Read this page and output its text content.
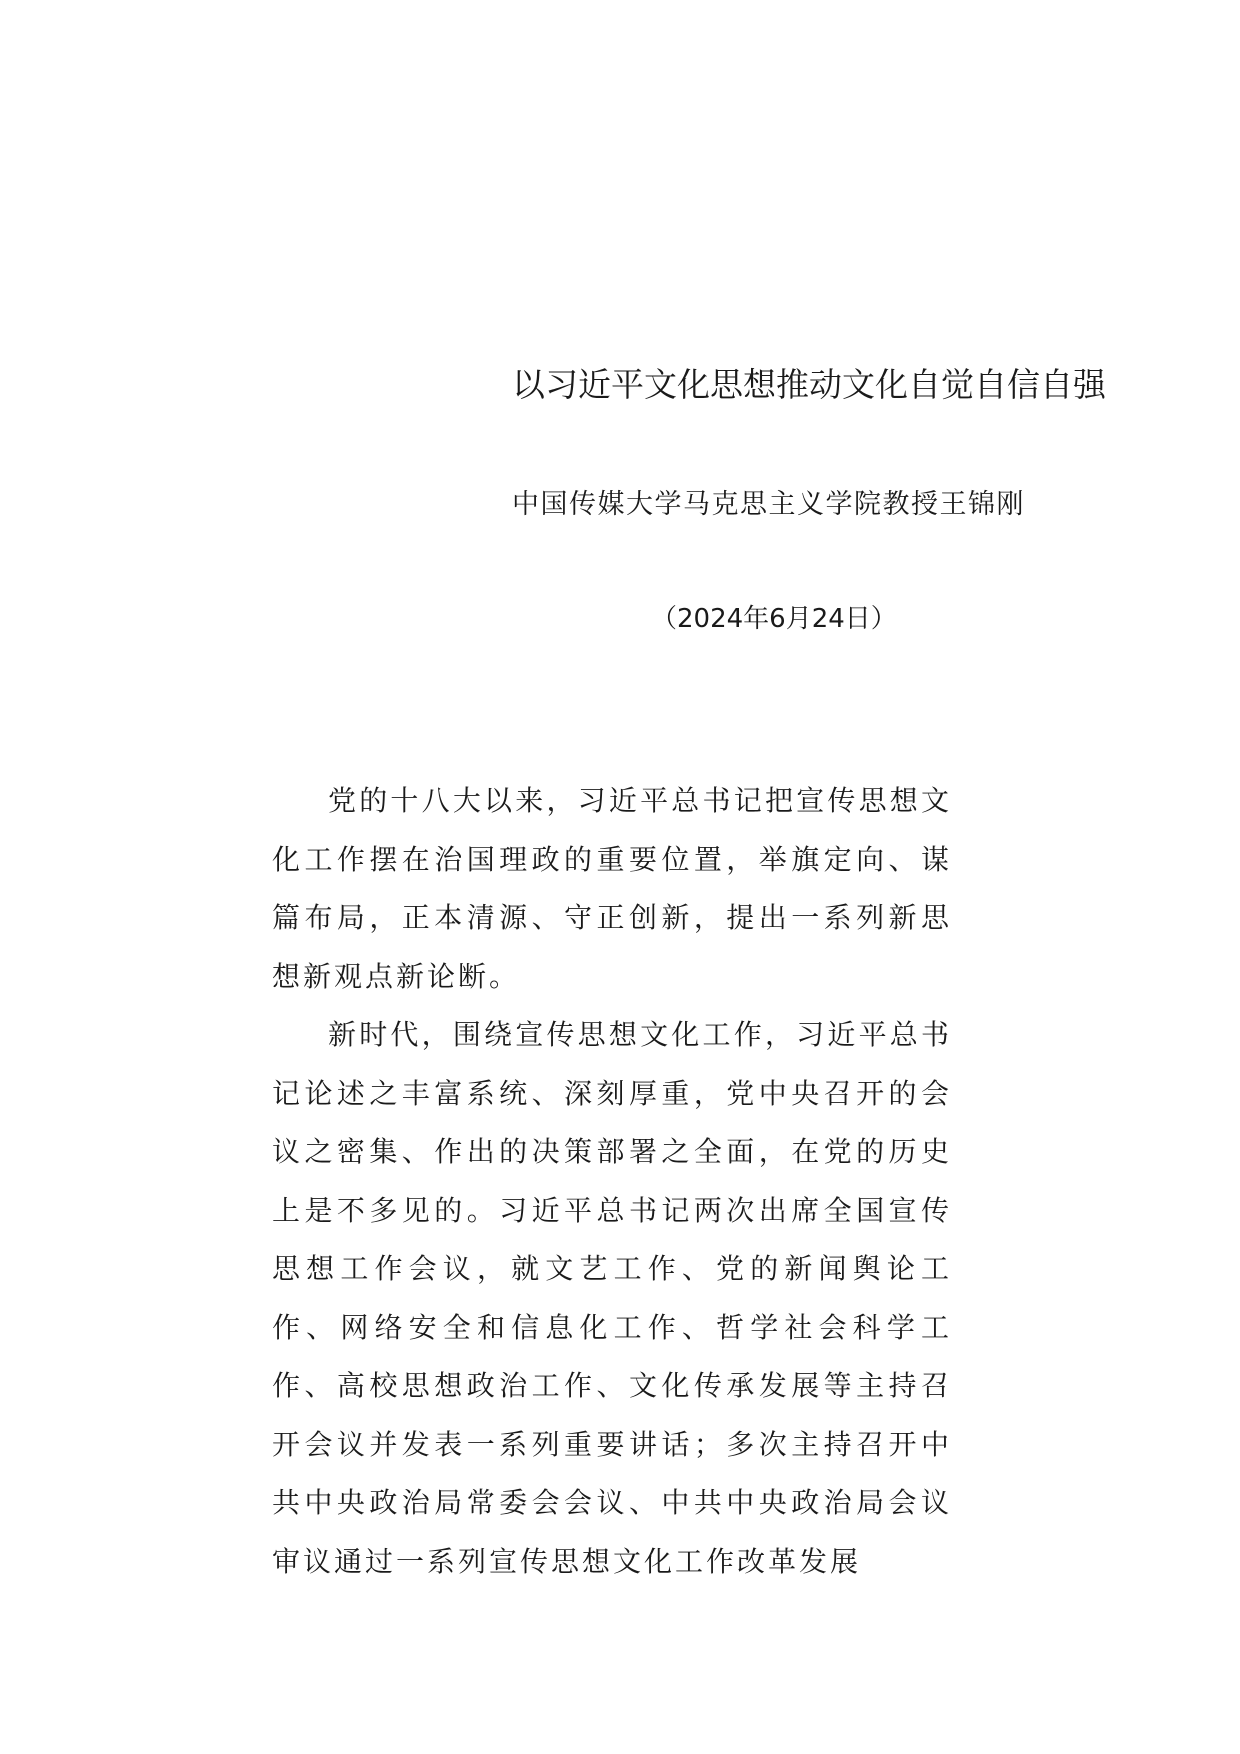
以习近平文化思想推动文化自觉自信自强
中国传媒大学马克思主义学院教授王锦刚
（2024年6月24日）

党的十八大以来，习近平总书记把宣传思想文化工作摆在治国理政的重要位置，举旗定向、谋篇布局，正本清源、守正创新，提出一系列新思想新观点新论断。

新时代，围绕宣传思想文化工作，习近平总书记论述之丰富系统、深刻厚重，党中央召开的会议之密集、作出的决策部署之全面，在党的历史上是不多见的。习近平总书记两次出席全国宣传思想工作会议，就文艺工作、党的新闻舆论工作、网络安全和信息化工作、哲学社会科学工作、高校思想政治工作、文化传承发展等主持召开会议并发表一系列重要讲话；多次主持召开中共中央政治局常委会会议、中共中央政治局会议审议通过一系列宣传思想文化工作改革发展
